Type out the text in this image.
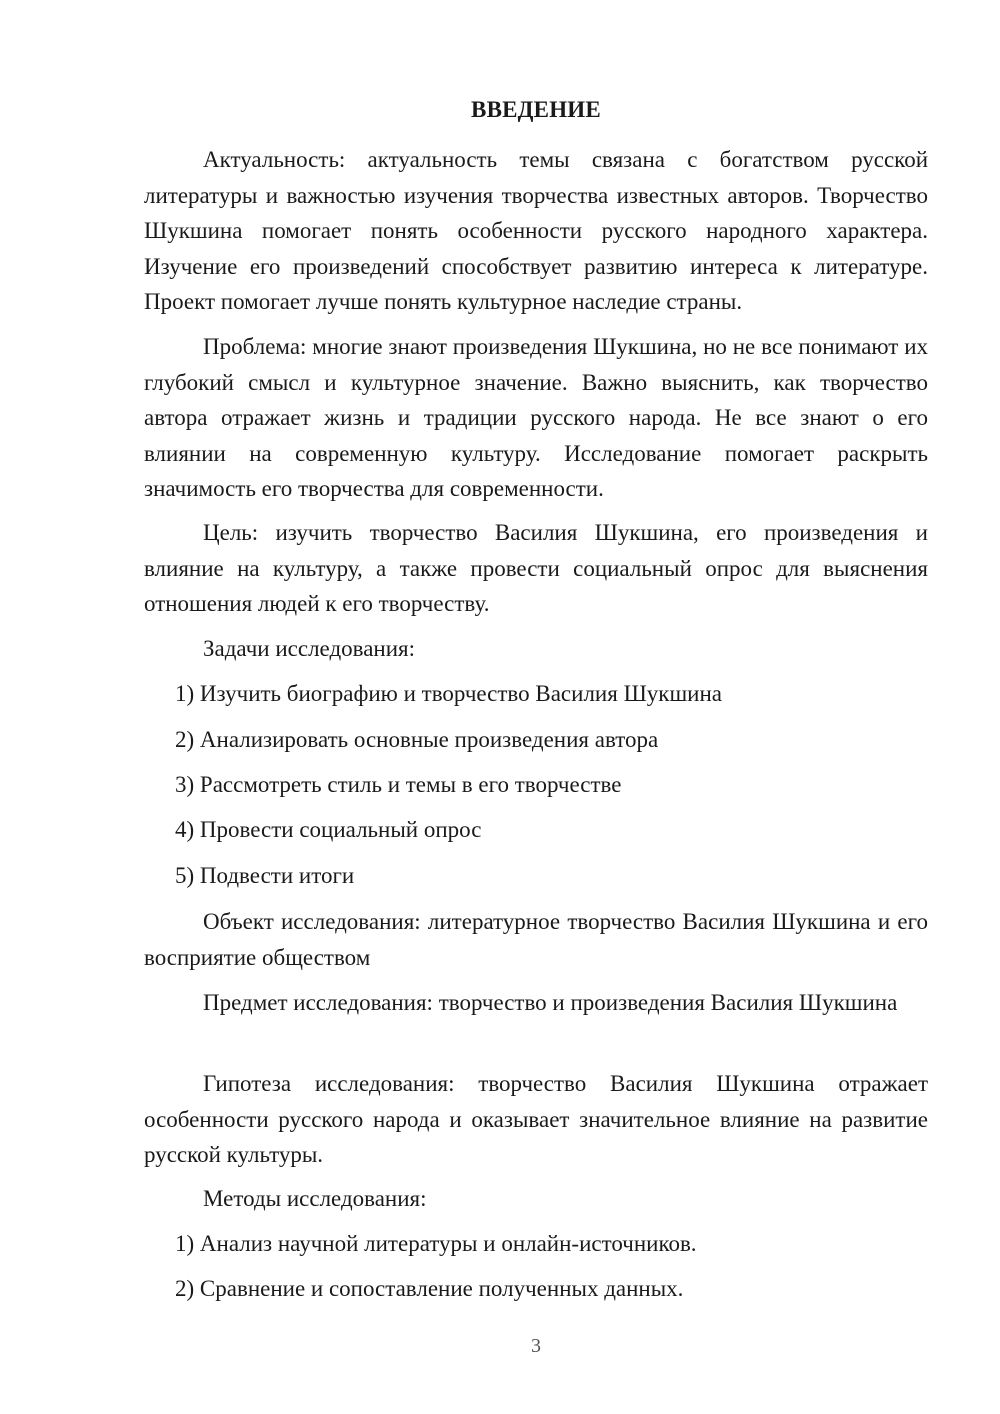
ВВЕДЕНИЕ

Актуальность: актуальность темы связана с богатством русской литературы и важностью изучения творчества известных авторов. Творчество Шукшина помогает понять особенности русского народного характера. Изучение его произведений способствует развитию интереса к литературе. Проект помогает лучше понять культурное наследие страны.

Проблема: многие знают произведения Шукшина, но не все понимают их глубокий смысл и культурное значение. Важно выяснить, как творчество автора отражает жизнь и традиции русского народа. Не все знают о его влиянии на современную культуру. Исследование помогает раскрыть значимость его творчества для современности.

Цель: изучить творчество Василия Шукшина, его произведения и влияние на культуру, а также провести социальный опрос для выяснения отношения людей к его творчеству.

Задачи исследования:
1) Изучить биографию и творчество Василия Шукшина
2) Анализировать основные произведения автора
3) Рассмотреть стиль и темы в его творчестве
4) Провести социальный опрос
5) Подвести итоги

Объект исследования: литературное творчество Василия Шукшина и его восприятие обществом

Предмет исследования: творчество и произведения Василия Шукшина

Гипотеза исследования: творчество Василия Шукшина отражает особенности русского народа и оказывает значительное влияние на развитие русской культуры.

Методы исследования:
1) Анализ научной литературы и онлайн-источников.
2) Сравнение и сопоставление полученных данных.
3
